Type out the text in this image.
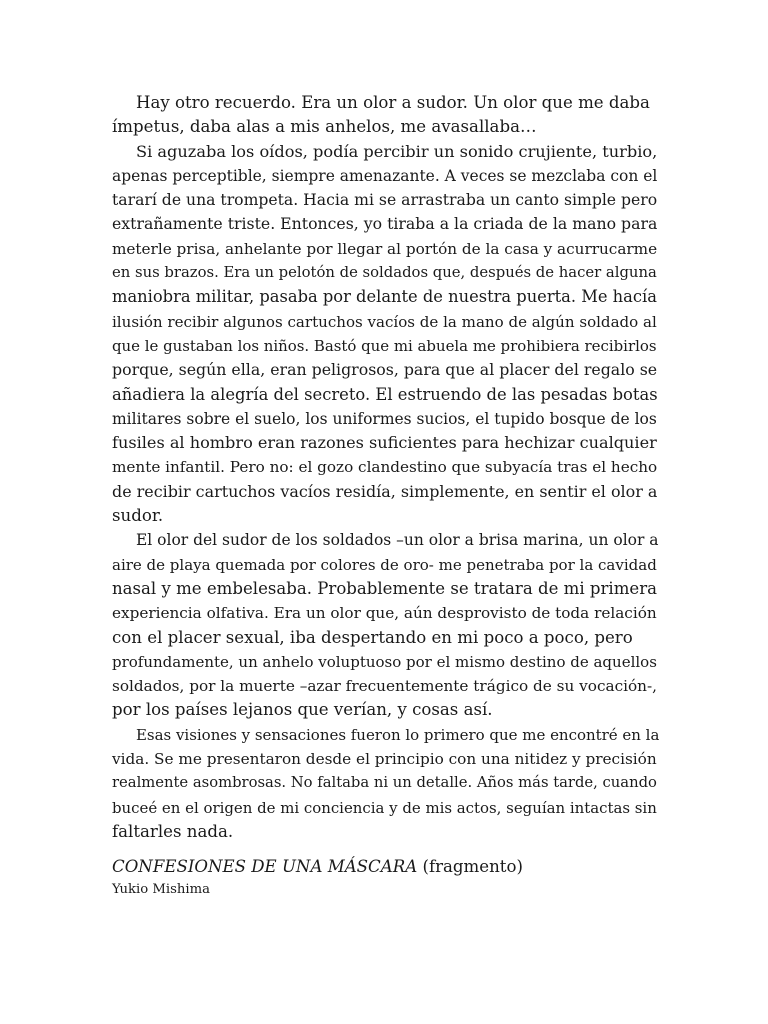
Hay otro recuerdo. Era un olor a sudor. Un olor que me daba
ímpetus, daba alas a mis anhelos, me avasallaba…
Si aguzaba los oídos, podía percibir un sonido crujiente, turbio,
apenas perceptible, siempre amenazante. A veces se mezclaba con el
tararí de una trompeta. Hacia mi se arrastraba un canto simple pero
extrañamente triste. Entonces, yo tiraba a la criada de la mano para
meterle prisa, anhelante por llegar al portón de la casa y acurrucarme
en sus brazos. Era un pelotón de soldados que, después de hacer alguna
maniobra militar, pasaba por delante de nuestra puerta. Me hacía
ilusión recibir algunos cartuchos vacíos de la mano de algún soldado al
que le gustaban los niños. Bastó que mi abuela me prohibiera recibirlos
porque, según ella, eran peligrosos, para que al placer del regalo se
añadiera la alegría del secreto. El estruendo de las pesadas botas
militares sobre el suelo, los uniformes sucios, el tupido bosque de los
fusiles al hombro eran razones suficientes para hechizar cualquier
mente infantil. Pero no: el gozo clandestino que subyacía tras el hecho
de recibir cartuchos vacíos residía, simplemente, en sentir el olor a
sudor.
El olor del sudor de los soldados –un olor a brisa marina, un olor a
aire de playa quemada por colores de oro- me penetraba por la cavidad
nasal y me embelesaba. Probablemente se tratara de mi primera
experiencia olfativa. Era un olor que, aún desprovisto de toda relación
con el placer sexual, iba despertando en mi poco a poco, pero
profundamente, un anhelo voluptuoso por el mismo destino de aquellos
soldados, por la muerte –azar frecuentemente trágico de su vocación-,
por los países lejanos que verían, y cosas así.
Esas visiones y sensaciones fueron lo primero que me encontré en la
vida. Se me presentaron desde el principio con una nitidez y precisión
realmente asombrosas. No faltaba ni un detalle. Años más tarde, cuando
buceé en el origen de mi conciencia y de mis actos, seguían intactas sin
faltarles nada.
CONFESIONES DE UNA MÁSCARA (fragmento)
Yukio Mishima
